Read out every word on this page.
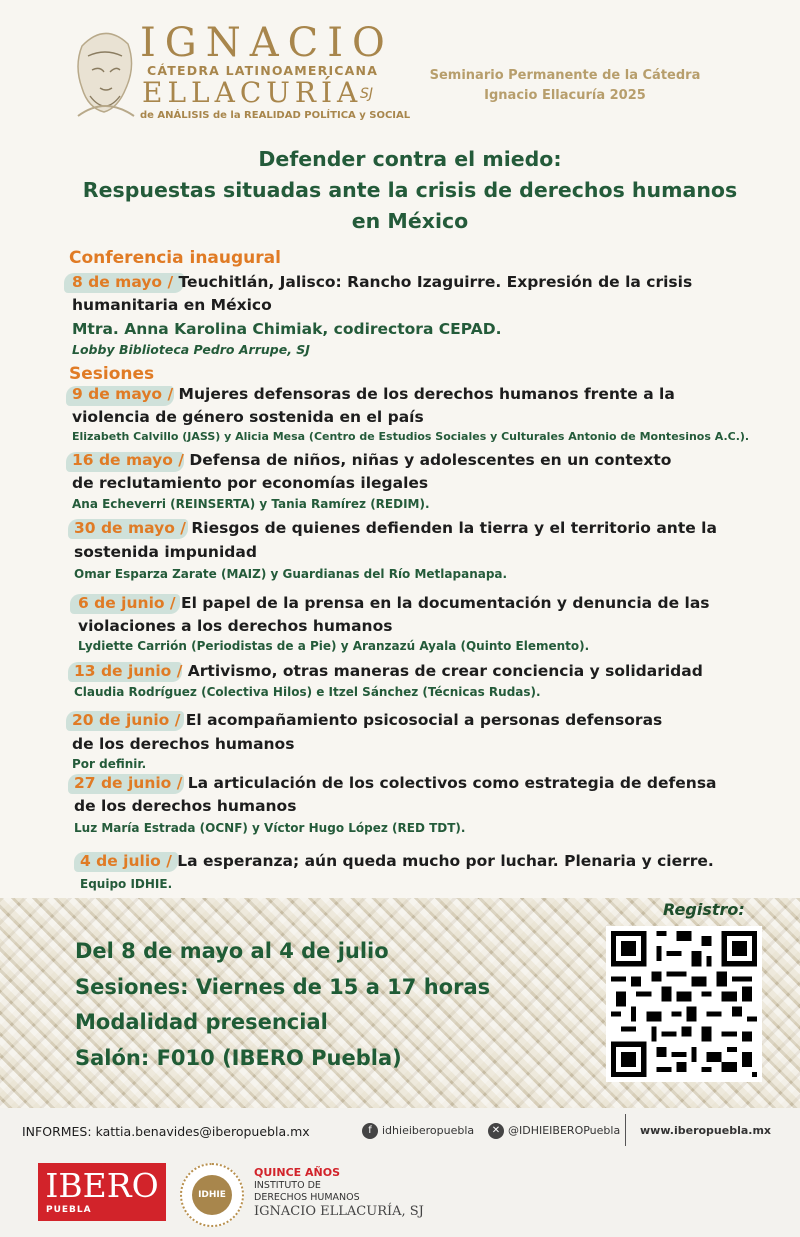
IGNACIO
CÁTEDRA LATINOAMERICANA
ELLACURÍA
SJ
de ANÁLISIS de la REALIDAD POLÍTICA y SOCIAL
Seminario Permanente de la Cátedra
Ignacio Ellacuría 2025
Defender contra el miedo:
Respuestas situadas ante la crisis de derechos humanos
en México
Conferencia inaugural
8 de mayo / Teuchitlán, Jalisco: Rancho Izaguirre. Expresión de la crisis
humanitaria en México
Mtra. Anna Karolina Chimiak, codirectora CEPAD.
Lobby Biblioteca Pedro Arrupe, SJ
Sesiones
9 de mayo / Mujeres defensoras de los derechos humanos frente a la
violencia de género sostenida en el país
Elizabeth Calvillo (JASS) y Alicia Mesa (Centro de Estudios Sociales y Culturales Antonio de Montesinos A.C.).
16 de mayo / Defensa de niños, niñas y adolescentes en un contexto
de reclutamiento por economías ilegales
Ana Echeverri (REINSERTA) y Tania Ramírez (REDIM).
30 de mayo / Riesgos de quienes defienden la tierra y el territorio ante la
sostenida impunidad
Omar Esparza Zarate (MAIZ) y Guardianas del Río Metlapanapa.
6 de junio / El papel de la prensa en la documentación y denuncia de las
violaciones a los derechos humanos
Lydiette Carrión (Periodistas de a Pie) y Aranzazú Ayala (Quinto Elemento).
13 de junio / Artivismo, otras maneras de crear conciencia y solidaridad
Claudia Rodríguez (Colectiva Hilos) e Itzel Sánchez (Técnicas Rudas).
20 de junio / El acompañamiento psicosocial a personas defensoras
de los derechos humanos
Por definir.
27 de junio / La articulación de los colectivos como estrategia de defensa
de los derechos humanos
Luz María Estrada (OCNF) y Víctor Hugo López (RED TDT).
4 de julio / La esperanza; aún queda mucho por luchar. Plenaria y cierre.
Equipo IDHIE.
Registro:
Del 8 de mayo al 4 de julio
Sesiones: Viernes de 15 a 17 horas
Modalidad presencial
Salón: F010 (IBERO Puebla)
INFORMES: kattia.benavides@iberopuebla.mx	f idhieiberopuebla	✕ @IDHIEIBEROPuebla www.iberopuebla.mx
IBERO
PUEBLA
IDHIE
QUINCE AÑOS
INSTITUTO DE
DERECHOS HUMANOS
IGNACIO ELLACURÍA, SJ
